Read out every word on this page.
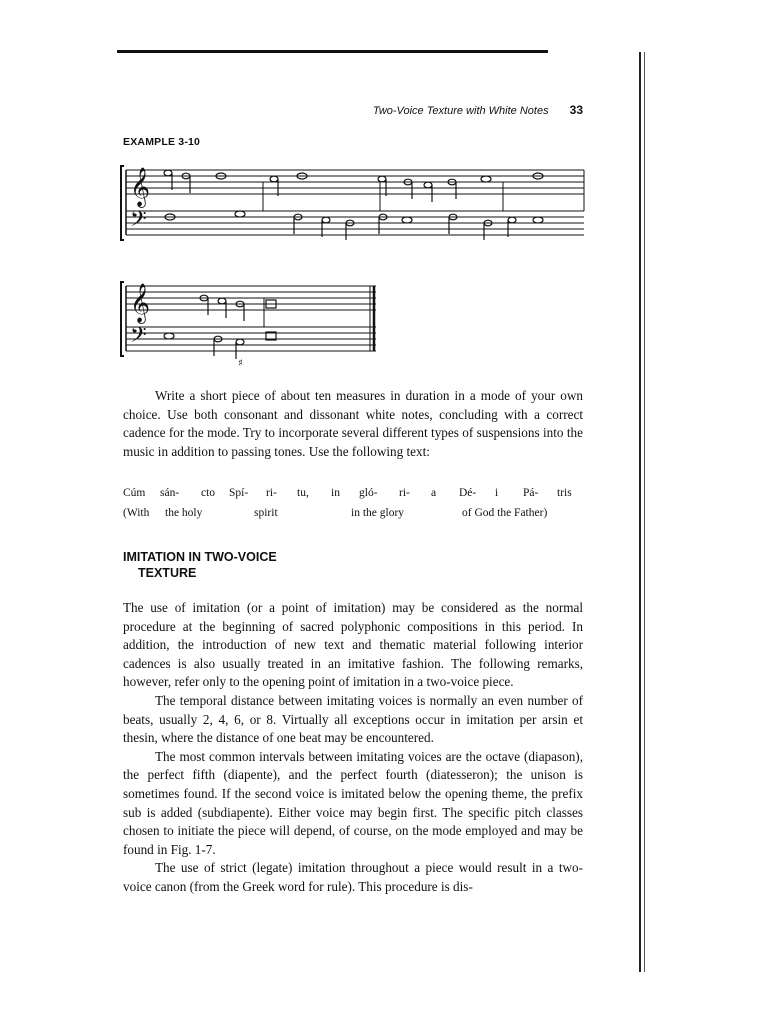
Two-Voice Texture with White Notes 33
EXAMPLE 3-10
𝄞
𝄢
𝄞
𝄢
♯

Write a short piece of about ten measures in duration in a mode of your own choice. Use both consonant and dissonant white notes, concluding with a correct cadence for the mode. Try to incorporate several different types of suspensions into the music in addition to passing tones. Use the following text:

Cúm sán- cto Spí- ri- tu, in gló- ri- a Dé- i Pá- tris
(With the holy	spirit	in the glory	of God the Father)
IMITATION IN TWO-VOICE
TEXTURE

The use of imitation (or a point of imitation) may be considered as the normal procedure at the beginning of sacred polyphonic compositions in this period. In addition, the introduction of new text and thematic material following interior cadences is also usually treated in an imitative fashion. The following remarks, however, refer only to the opening point of imitation in a two-voice piece.

The temporal distance between imitating voices is normally an even number of beats, usually 2, 4, 6, or 8. Virtually all exceptions occur in imitation per arsin et thesin, where the distance of one beat may be encountered.

The most common intervals between imitating voices are the octave (diapason), the perfect fifth (diapente), and the perfect fourth (diatesseron); the unison is sometimes found. If the second voice is imitated below the opening theme, the prefix sub is added (subdiapente). Either voice may begin first. The specific pitch classes chosen to initiate the piece will depend, of course, on the mode employed and may be found in Fig. 1-7.

The use of strict (legate) imitation throughout a piece would result in a two-voice canon (from the Greek word for rule). This procedure is dis-
